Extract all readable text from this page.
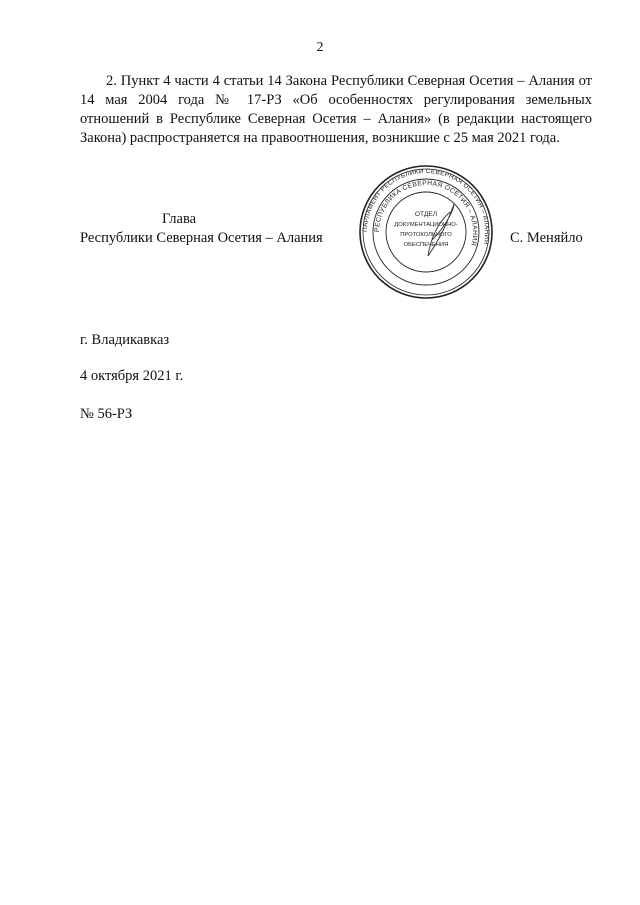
2
2. Пункт 4 части 4 статьи 14 Закона Республики Северная Осетия – Алания от 14 мая 2004 года № 17-РЗ «Об особенностях регулирования земельных отношений в Республике Северная Осетия – Алания» (в редакции настоящего Закона) распространяется на правоотношения, возникшие с 25 мая 2021 года.
Глава
Республики Северная Осетия – Алания	С. Меняйло
ПАРЛАМЕНТ РЕСПУБЛИКИ СЕВЕРНАЯ ОСЕТИЯ – АЛАНИЯ
РЕСПУБЛИКА СЕВЕРНАЯ ОСЕТИЯ – АЛАНИЯ
ОТДЕЛ
ДОКУМЕНТАЦИОННО-
ПРОТОКОЛЬНОГО
ОБЕСПЕЧЕНИЯ
г. Владикавказ
4 октября 2021 г.
№ 56-РЗ
